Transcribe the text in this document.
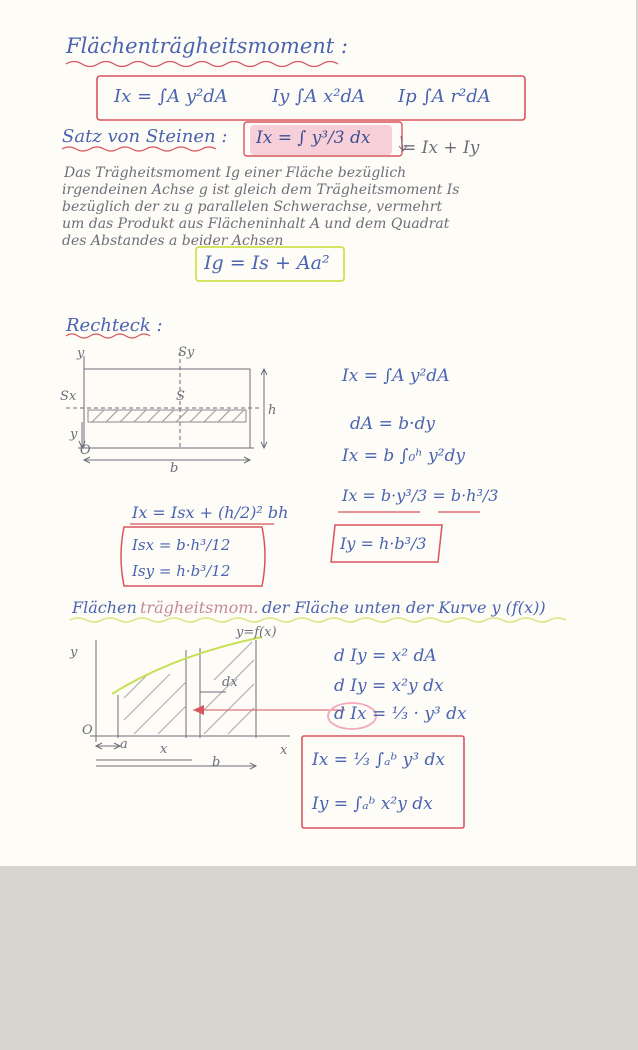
Flächenträgheitsmoment :
Ix = ∫A y²dA Iy ∫A x²dA Ip ∫A r²dA
Satz von Steinen : Ix = ∫ y³/3 dx = Ix + Iy
Das Trägheitsmoment Ig einer Fläche bezüglich
irgendeinen Achse g ist gleich dem Trägheitsmoment Is
bezüglich der zu g parallelen Schwerachse, vermehrt
um das Produkt aus Flächeninhalt A und dem Quadrat
des Abstandes a beider Achsen
Ig = Is + Aa²
Rechteck :
y	Sy
Sx	S
h
y
O
b
Ix = ∫A y²dA
dA = b·dy
Ix = b ∫₀ʰ y²dy
Ix = b·y³/3 = b·h³/3
Ix = Isx + (h/2)² bh
Isx = b·h³/12
Isy = h·b³/12
Iy = h·b³/3
Flächen trägheitsmom. der Fläche unten der Kurve y (f(x))
y=f(x)
y
dx
O
a x
b
x
d Iy = x² dA
d Iy = x²y dx
d Ix = ⅓ · y³ dx
Ix = ⅓ ∫ₐᵇ y³ dx
Iy = ∫ₐᵇ x²y dx
